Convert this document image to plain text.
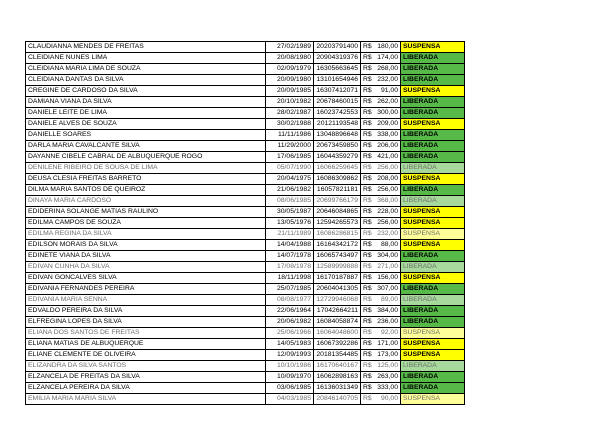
CLAUDIANNA MENDES DE FREITAS	27/02/1989	20203791400	R$ 180,00	SUSPENSA
CLEIDIANE NUNES LIMA	20/08/1980	20904319376	R$ 174,00	LIBERADA
CLEIDIANA MARIA LIMA DE SOUZA	02/09/1979	16305663645	R$ 268,00	LIBERADA
CLEIDIANA DANTAS DA SILVA	20/09/1980	13101654946	R$ 232,00	LIBERADA
CREGINE DE CARDOSO DA SILVA	20/09/1985	16307412071	R$ 91,00	SUSPENSA
DAMIANA VIANA DA SILVA	20/10/1982	20678460015	R$ 262,00	LIBERADA
DANIELE LEITE DE LIMA	28/02/1987	16023742553	R$ 300,00	LIBERADA
DANIELE ALVES DE SOUZA	30/02/1988	20121193548	R$ 209,00	SUSPENSA
DANIELLE SOARES	11/11/1986	13048896648	R$ 338,00	LIBERADA
DARLA MARIA CAVALCANTE SILVA	11/29/2000	20673459850	R$ 206,00	LIBERADA
DAYANNE CIBELE CABRAL DE ALBUQUERQUE ROGO	17/06/1985	16044359279	R$ 421,00	LIBERADA
DENILENE RIBEIRO DE SOUSA DE LIMA	05/07/1990	16066259645	R$ 256,00	LIBERADA
DEUSA CLESIA FREITAS BARRETO	20/04/1975	16086309862	R$ 208,00	SUSPENSA
DILMA MARIA SANTOS DE QUEIROZ	21/06/1982	16057821181	R$ 256,00	LIBERADA
DINAYA MARIA CARDOSO	08/06/1985	20699766179	R$ 368,00	LIBERADA
EDIDERINA SOLANGE MATIAS RAULINO	30/05/1987	20646084865	R$ 228,00	SUSPENSA
EDILMA CAMPOS DE SOUZA	13/05/1976	12594265573	R$ 256,00	SUSPENSA
EDILMA REGINA DA SILVA	21/11/1989	16086286815	R$ 232,00	SUSPENSA
EDILSON MORAIS DA SILVA	14/04/1988	16164342172	R$ 88,00	SUSPENSA
EDINETE VIANA DA SILVA	14/07/1978	16065743497	R$ 304,00	LIBERADA
EDIVAN CUNHA DA SILVA	17/08/1978	12589999888	R$ 271,00	LIBERADA
EDIVAN GONCALVES SILVA	18/11/1998	16170187887	R$ 156,00	SUSPENSA
EDIVANIA FERNANDES PEREIRA	25/07/1985	20604041305	R$ 307,00	LIBERADA
EDIVANIA MARIA SENNA	08/08/1977	12729946068	R$ 89,00	LIBERADA
EDVALDO PEREIRA DA SILVA	22/06/1964	17042664211	R$ 384,00	LIBERADA
ELFREGINA LOPES DA SILVA	20/06/1982	16084058874	R$ 236,00	LIBERADA
ELIANA DOS SANTOS DE FREITAS	25/06/1966	16064048600	R$ 92,00	SUSPENSA
ELIANA MATIAS DE ALBUQUERQUE	14/05/1983	16067392286	R$ 171,00	SUSPENSA
ELIANE CLEMENTE DE OLIVEIRA	12/09/1993	20181354485	R$ 173,00	SUSPENSA
ELIZANDRA DA SILVA SANTOS	10/10/1986	16170640167	R$ 125,00	LIBERADA
ELZANCELA DE FREITAS DA SILVA	10/09/1970	16062898163	R$ 263,00	LIBERADA
ELZANCELA PEREIRA DA SILVA	03/06/1985	16136031349	R$ 333,00	LIBERADA
EMILIA MARIA MARIA SILVA	04/03/1985	20846140705	R$ 90,00	SUSPENSA
